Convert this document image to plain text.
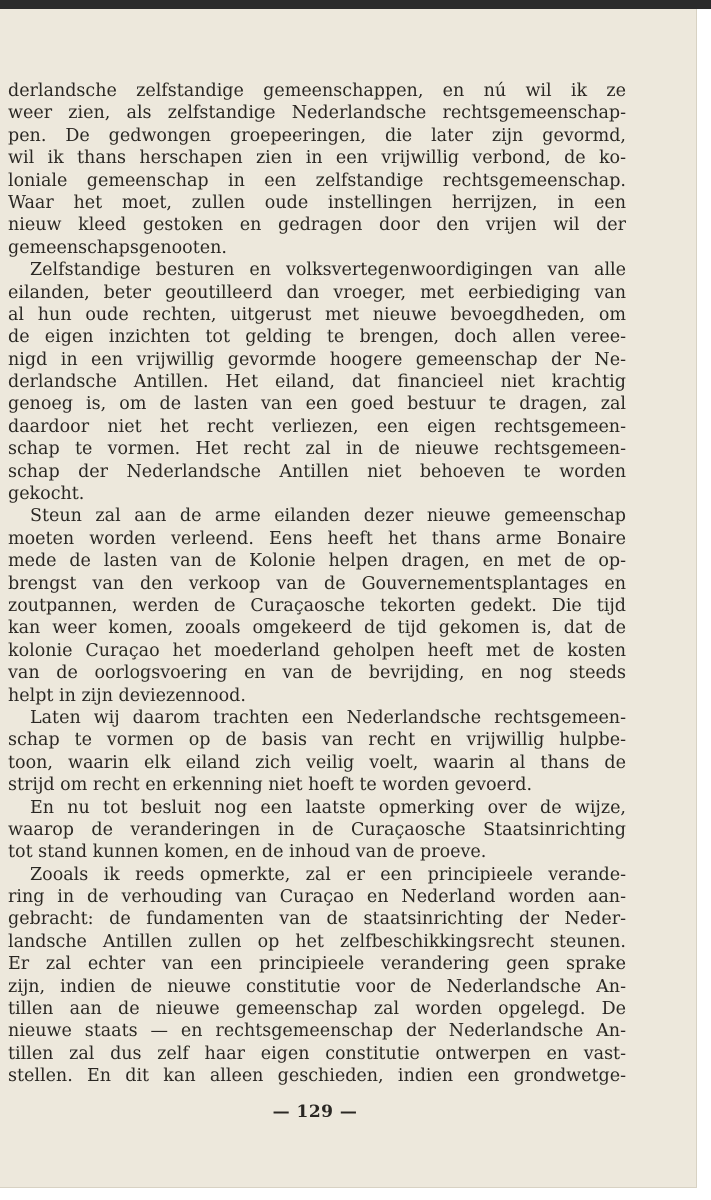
derlandsche zelfstandige gemeenschappen, en nú wil ik ze
weer zien, als zelfstandige Nederlandsche rechtsgemeenschap-
pen. De gedwongen groepeeringen, die later zijn gevormd,
wil ik thans herschapen zien in een vrijwillig verbond, de ko-
loniale gemeenschap in een zelfstandige rechtsgemeenschap.
Waar het moet, zullen oude instellingen herrijzen, in een
nieuw kleed gestoken en gedragen door den vrijen wil der
gemeenschapsgenooten.
Zelfstandige besturen en volksvertegenwoordigingen van alle
eilanden, beter geoutilleerd dan vroeger, met eerbiediging van
al hun oude rechten, uitgerust met nieuwe bevoegdheden, om
de eigen inzichten tot gelding te brengen, doch allen veree-
nigd in een vrijwillig gevormde hoogere gemeenschap der Ne-
derlandsche Antillen. Het eiland, dat financieel niet krachtig
genoeg is, om de lasten van een goed bestuur te dragen, zal
daardoor niet het recht verliezen, een eigen rechtsgemeen-
schap te vormen. Het recht zal in de nieuwe rechtsgemeen-
schap der Nederlandsche Antillen niet behoeven te worden
gekocht.
Steun zal aan de arme eilanden dezer nieuwe gemeenschap
moeten worden verleend. Eens heeft het thans arme Bonaire
mede de lasten van de Kolonie helpen dragen, en met de op-
brengst van den verkoop van de Gouvernementsplantages en
zoutpannen, werden de Curaçaosche tekorten gedekt. Die tijd
kan weer komen, zooals omgekeerd de tijd gekomen is, dat de
kolonie Curaçao het moederland geholpen heeft met de kosten
van de oorlogsvoering en van de bevrijding, en nog steeds
helpt in zijn deviezennood.
Laten wij daarom trachten een Nederlandsche rechtsgemeen-
schap te vormen op de basis van recht en vrijwillig hulpbe-
toon, waarin elk eiland zich veilig voelt, waarin al thans de
strijd om recht en erkenning niet hoeft te worden gevoerd.
En nu tot besluit nog een laatste opmerking over de wijze,
waarop de veranderingen in de Curaçaosche Staatsinrichting
tot stand kunnen komen, en de inhoud van de proeve.
Zooals ik reeds opmerkte, zal er een principieele verande-
ring in de verhouding van Curaçao en Nederland worden aan-
gebracht: de fundamenten van de staatsinrichting der Neder-
landsche Antillen zullen op het zelfbeschikkingsrecht steunen.
Er zal echter van een principieele verandering geen sprake
zijn, indien de nieuwe constitutie voor de Nederlandsche An-
tillen aan de nieuwe gemeenschap zal worden opgelegd. De
nieuwe staats — en rechtsgemeenschap der Nederlandsche An-
tillen zal dus zelf haar eigen constitutie ontwerpen en vast-
stellen. En dit kan alleen geschieden, indien een grondwetge-
— 129 —
